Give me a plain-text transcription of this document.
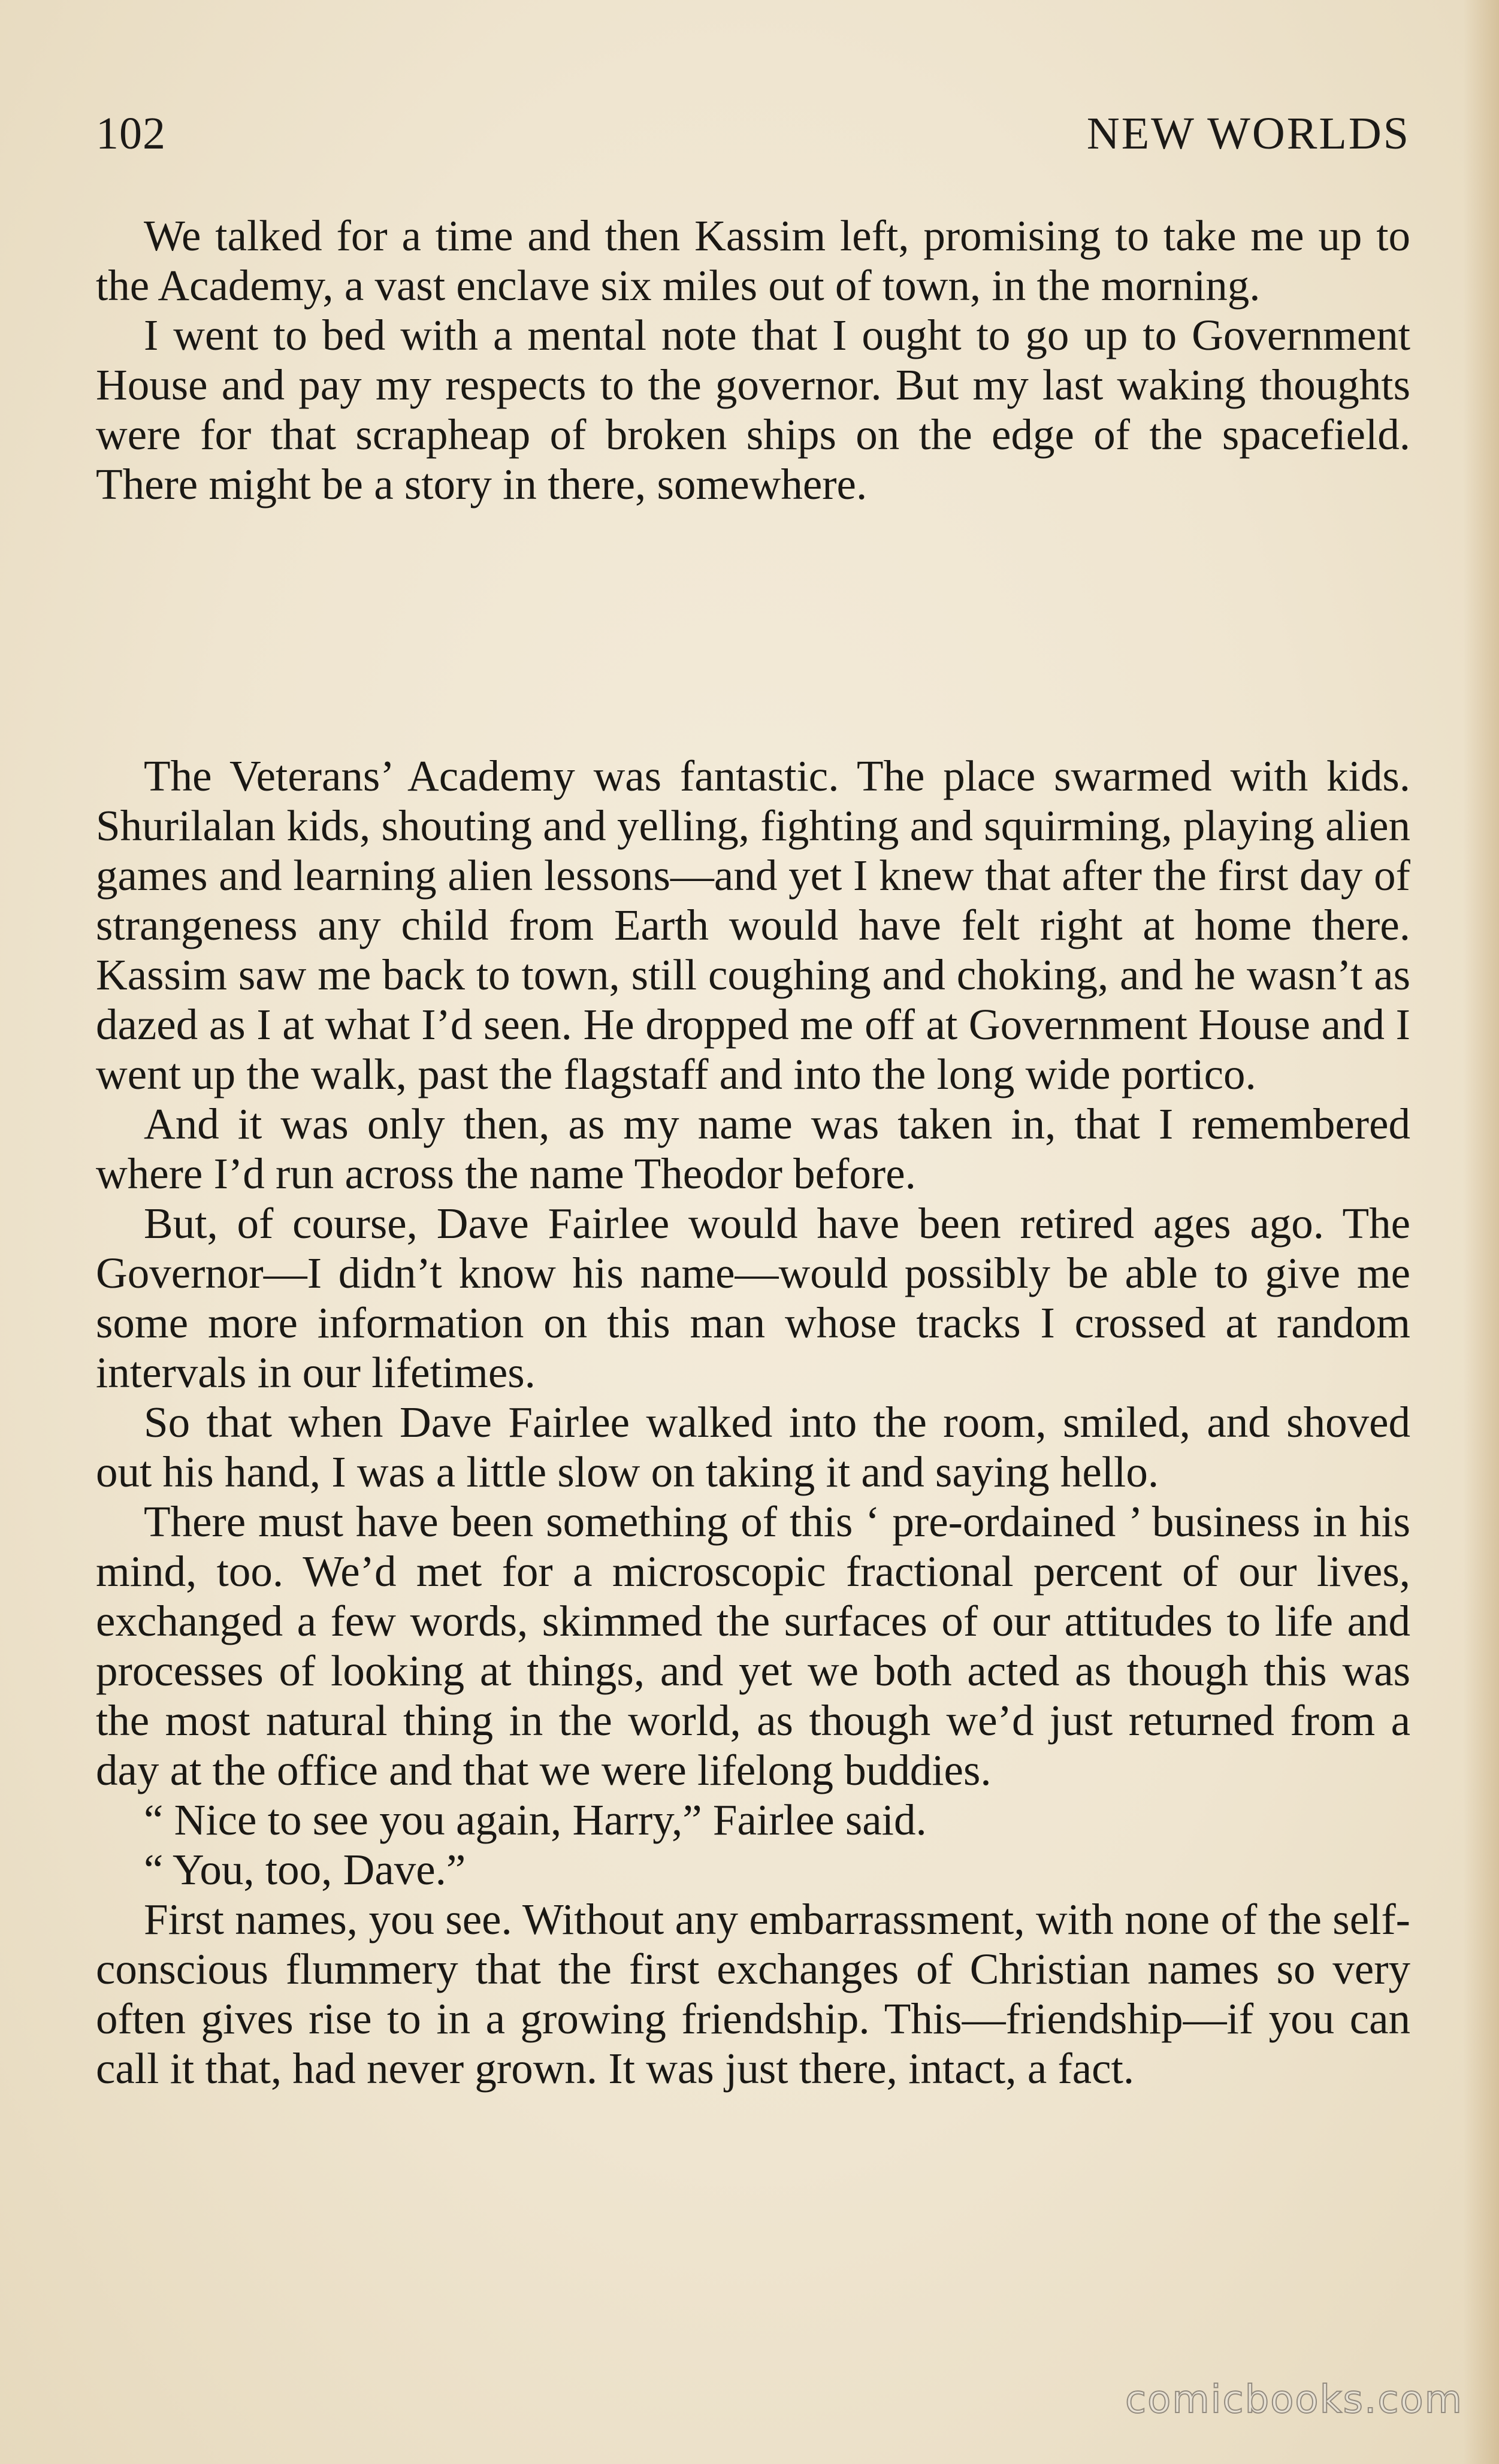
102	NEW WORLDS

We talked for a time and then Kassim left, promising to take me up to the Academy, a vast enclave six miles out of town, in the morning.

I went to bed with a mental note that I ought to go up to Government House and pay my respects to the governor. But my last waking thoughts were for that scrapheap of broken ships on the edge of the spacefield. There might be a story in there, somewhere.

The Veterans’ Academy was fantastic. The place swarmed with kids. Shurilalan kids, shouting and yelling, fighting and squirming, playing alien games and learning alien lessons—and yet I knew that after the first day of strangeness any child from Earth would have felt right at home there. Kassim saw me back to town, still coughing and choking, and he wasn’t as dazed as I at what I’d seen. He dropped me off at Government House and I went up the walk, past the flagstaff and into the long wide portico.

And it was only then, as my name was taken in, that I remembered where I’d run across the name Theodor before.

But, of course, Dave Fairlee would have been retired ages ago. The Governor—I didn’t know his name—would possibly be able to give me some more information on this man whose tracks I crossed at random intervals in our lifetimes.

So that when Dave Fairlee walked into the room, smiled, and shoved out his hand, I was a little slow on taking it and saying hello.

There must have been something of this ‘ pre-ordained ’ business in his mind, too. We’d met for a microscopic fractional percent of our lives, exchanged a few words, skimmed the surfaces of our attitudes to life and processes of looking at things, and yet we both acted as though this was the most natural thing in the world, as though we’d just returned from a day at the office and that we were lifelong buddies.

“ Nice to see you again, Harry,” Fairlee said.

“ You, too, Dave.”

First names, you see. Without any embarrassment, with none of the self-conscious flummery that the first exchanges of Christian names so very often gives rise to in a growing friendship. This—friendship—if you can call it that, had never grown. It was just there, intact, a fact.

comicbooks.com
